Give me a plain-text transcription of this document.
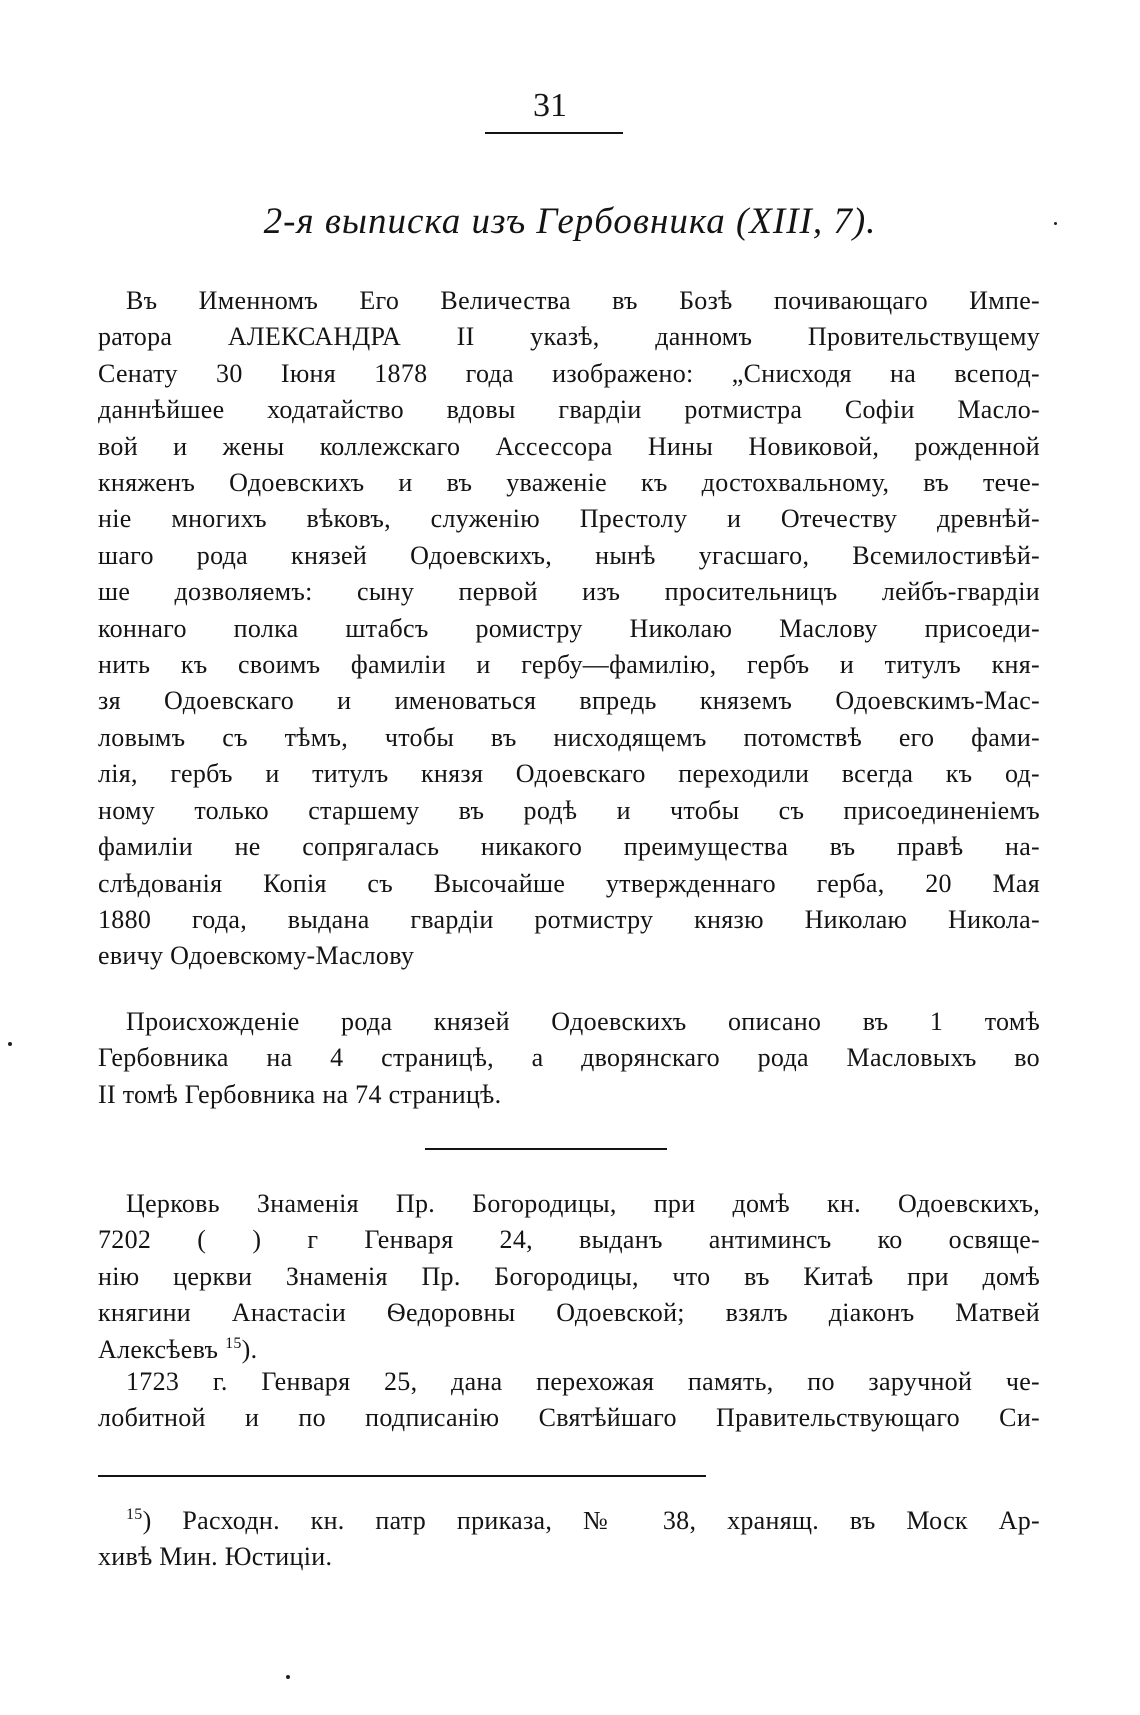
31
2-я выписка изъ Гербовника (XIII, 7).
Въ Именномъ Его Величества въ Бозѣ почивающаго Импе-
ратора АЛЕКСАНДРА II указѣ, данномъ Провительствущему
Сенату 30 Іюня 1878 года изображено: „Снисходя на всепод-
даннѣйшее ходатайство вдовы гвардіи ротмистра Софіи Масло-
вой и жены коллежскаго Ассессора Нины Новиковой, рожденной
княженъ Одоевскихъ и въ уваженіе къ достохвальному, въ тече-
ніе многихъ вѣковъ, служенію Престолу и Отечеству древнѣй-
шаго рода князей Одоевскихъ, нынѣ угасшаго, Всемилостивѣй-
ше дозволяемъ: сыну первой изъ просительницъ лейбъ-гвардіи
коннаго полка штабсъ ромистру Николаю Маслову присоеди-
нить къ своимъ фамиліи и гербу—фамилію, гербъ и титулъ кня-
зя Одоевскаго и именоваться впредь княземъ Одоевскимъ-Мас-
ловымъ съ тѣмъ, чтобы въ нисходящемъ потомствѣ его фами-
лія, гербъ и титулъ князя Одоевскаго переходили всегда къ од-
ному только старшему въ родѣ и чтобы съ присоединеніемъ
фамиліи не сопрягалась никакого преимуществa въ правѣ на-
слѣдованія Копія съ Высочайше утвержденнаго герба, 20 Мая
1880 года, выдана гвардіи ротмистру князю Николаю Никола-
евичу Одоевскому-Маслову
Происхожденіе рода князей Одоевскихъ описано въ 1 томѣ
Гербовника на 4 страницѣ, а дворянскаго рода Масловыхъ во
II томѣ Гербовника на 74 страницѣ.
Церковь Знаменія Пр. Богородицы, при домѣ кн. Одоевскихъ,
7202 ( ) г Генваря 24, выданъ антиминсъ ко освяще-
нію церкви Знаменія Пр. Богородицы, что въ Китаѣ при домѣ
княгини Анастасіи Ѳедоровны Одоевской; взялъ діаконъ Матвей
Алексѣевъ $^{15}$).
1723 г. Генваря 25, дана перехожая память, по заручной че-
лобитной и по подписанію Святѣйшаго Правительствующаго Си-
$^{15}$) Расходн. кн. патр приказа, № 38, хранящ. въ Моск Ар-
хивѣ Мин. Юстиціи.
